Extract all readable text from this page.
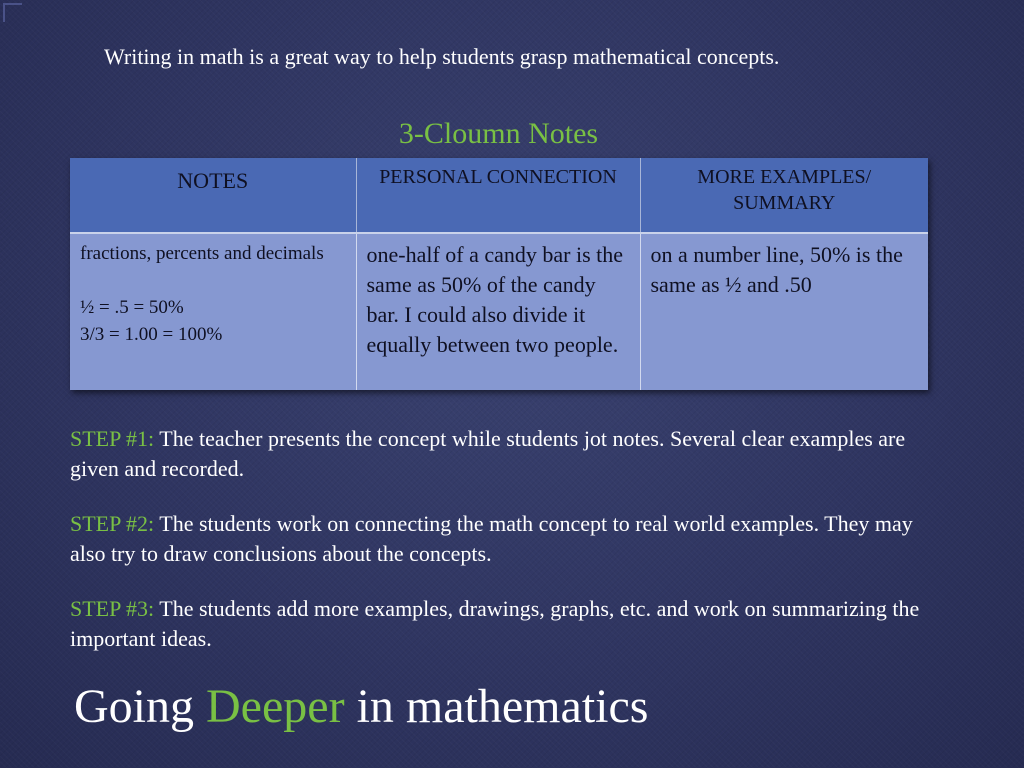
Writing in math is a great way to help students grasp mathematical concepts.

3-Cloumn Notes
NOTES	PERSONAL CONNECTION	MORE EXAMPLES/ SUMMARY

fractions, percents and decimals

½ = .5 = 50%

3/3 = 1.00 = 100%	one-half of a candy bar is the same as 50% of the candy bar. I could also divide it equally between two people.	on a number line, 50% is the same as ½ and .50

STEP #1: The teacher presents the concept while students jot notes. Several clear examples are given and recorded.

STEP #2: The students work on connecting the math concept to real world examples. They may also try to draw conclusions about the concepts.

STEP #3: The students add more examples, drawings, graphs, etc. and work on summarizing the important ideas.

Going Deeper in mathematics
